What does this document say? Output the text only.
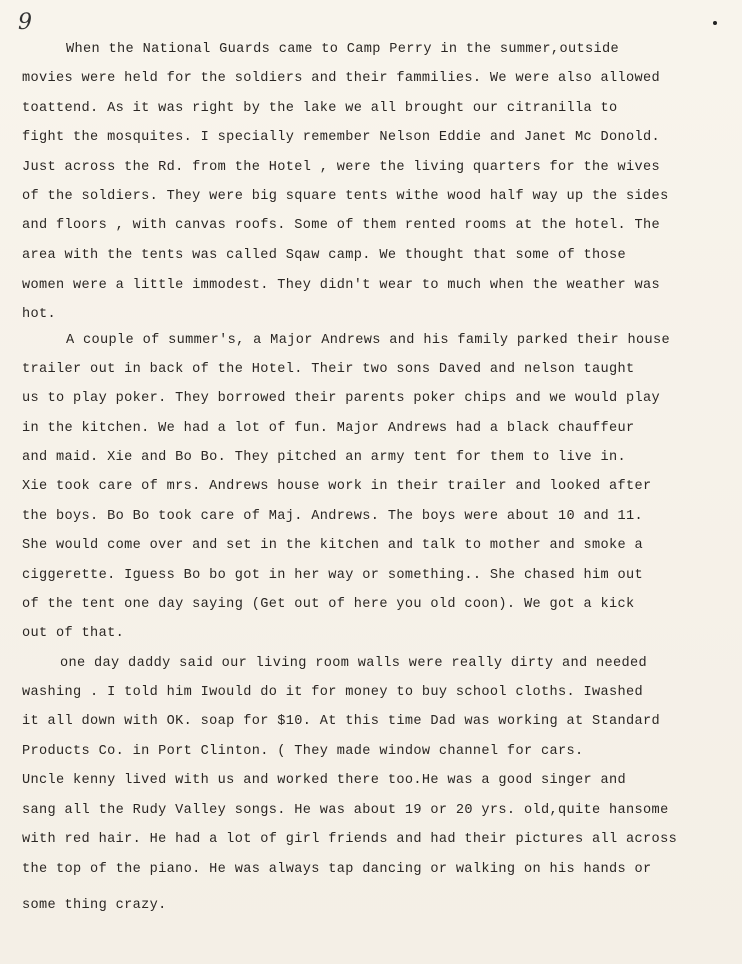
9
When the National Guards came to Camp Perry in the summer,outside
movies were held for the soldiers and their fammilies. We were also allowed
toattend. As it was right by the lake we all brought our citranilla to
fight the mosquites. I specially remember Nelson Eddie and Janet Mc Donold.
Just across the Rd. from the Hotel , were the living quarters for the wives
of the soldiers. They were big square tents withe wood half way up the sides
and floors , with canvas roofs. Some of them rented rooms at the hotel. The
area with the tents was called Sqaw camp. We thought that some of those
women were a little immodest. They didn't wear to much when the weather was
hot.
A couple of summer's, a Major Andrews and his family parked their house
trailer out in back of the Hotel. Their two sons Daved and nelson taught
us to play poker. They borrowed their parents poker chips and we would play
in the kitchen. We had a lot of fun. Major Andrews had a black chauffeur
and maid. Xie and Bo Bo. They pitched an army tent for them to live in.
Xie took care of mrs. Andrews house work in their trailer and looked after
the boys. Bo Bo took care of Maj. Andrews. The boys were about 10 and 11.
She would come over and set in the kitchen and talk to mother and smoke a
ciggerette. Iguess Bo bo got in her way or something.. She chased him out
of the tent one day saying (Get out of here you old coon). We got a kick
out of that.
one day daddy said our living room walls were really dirty and needed
washing . I told him Iwould do it for money to buy school cloths. Iwashed
it all down with OK. soap for $10. At this time Dad was working at Standard
Products Co. in Port Clinton. ( They made window channel for cars.
Uncle kenny lived with us and worked there too.He was a good singer and
sang all the Rudy Valley songs. He was about 19 or 20 yrs. old,quite hansome
with red hair. He had a lot of girl friends and had their pictures all across
the top of the piano. He was always tap dancing or walking on his hands or
some thing crazy.
